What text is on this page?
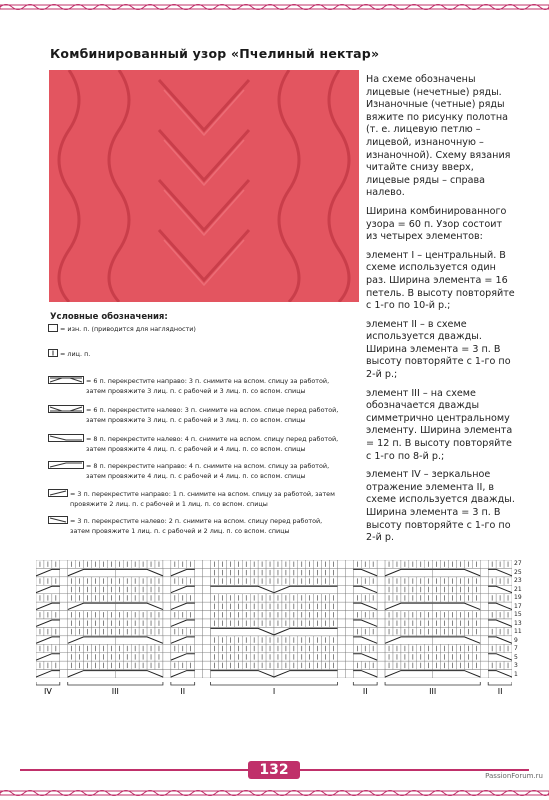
Комбинированный узор «Пчелиный нектар»

На схеме обозначены лицевые (нечетные) ряды. Изнаночные (четные) ряды вяжите по рисунку полотна (т. е. лицевую петлю – лицевой, изнаночную – изнаночной). Схему вязания читайте снизу вверх, лицевые ряды – справа налево.

Ширина комбинированного узора = 60 п. Узор состоит из четырех элементов:

элемент I – центральный. В схеме используется один раз. Ширина элемента = 16 петель. В высоту повторяйте с 1-го по 10-й р.;

элемент II – в схеме используется дважды. Ширина элемента = 3 п. В высоту повторяйте с 1-го по 2-й р.;

элемент III – на схеме обозначается дважды симметрично центральному элементу. Ширина элемента = 12 п. В высоту повторяйте с 1-го по 8-й р.;

элемент IV – зеркальное отражение элемента II, в схеме используется дважды. Ширина элемента = 3 п. В высоту повторяйте с 1-го по 2-й р.

Условные обозначения:
= изн. п. (приводится для наглядности)
= лиц. п.
= 6 п. перекрестите направо: 3 п. снимите на вспом. спицу за работой, затем провяжите 3 лиц. п. с рабочей и 3 лиц. п. со вспом. спицы
= 6 п. перекрестите налево: 3 п. снимите на вспом. спице перед работой, затем провяжите 3 лиц. п. с рабочей и 3 лиц. п. со вспом. спицы
= 8 п. перекрестите налево: 4 п. снимите на вспом. спицу перед работой, затем провяжите 4 лиц. п. с рабочей и 4 лиц. п. со вспом. спицы
= 8 п. перекрестите направо: 4 п. снимите на вспом. спицу за работой, затем провяжите 4 лиц. п. с рабочей и 4 лиц. п. со вспом. спицы
= 3 п. перекрестите направо: 1 п. снимите на вспом. спицу за работой, затем провяжите 2 лиц. п. с рабочей и 1 лиц. п. со вспом. спицы
= 3 п. перекрестите налево: 2 п. снимите на вспом. спицу перед работой, затем провяжите 1 лиц. п. с рабочей и 2 лиц. п. со вспом. спицы
27
25
23
21
19
17
15
13
11
9
7
5
3
1
IV	III	II	I	II	III	II
132	PassionForum.ru
